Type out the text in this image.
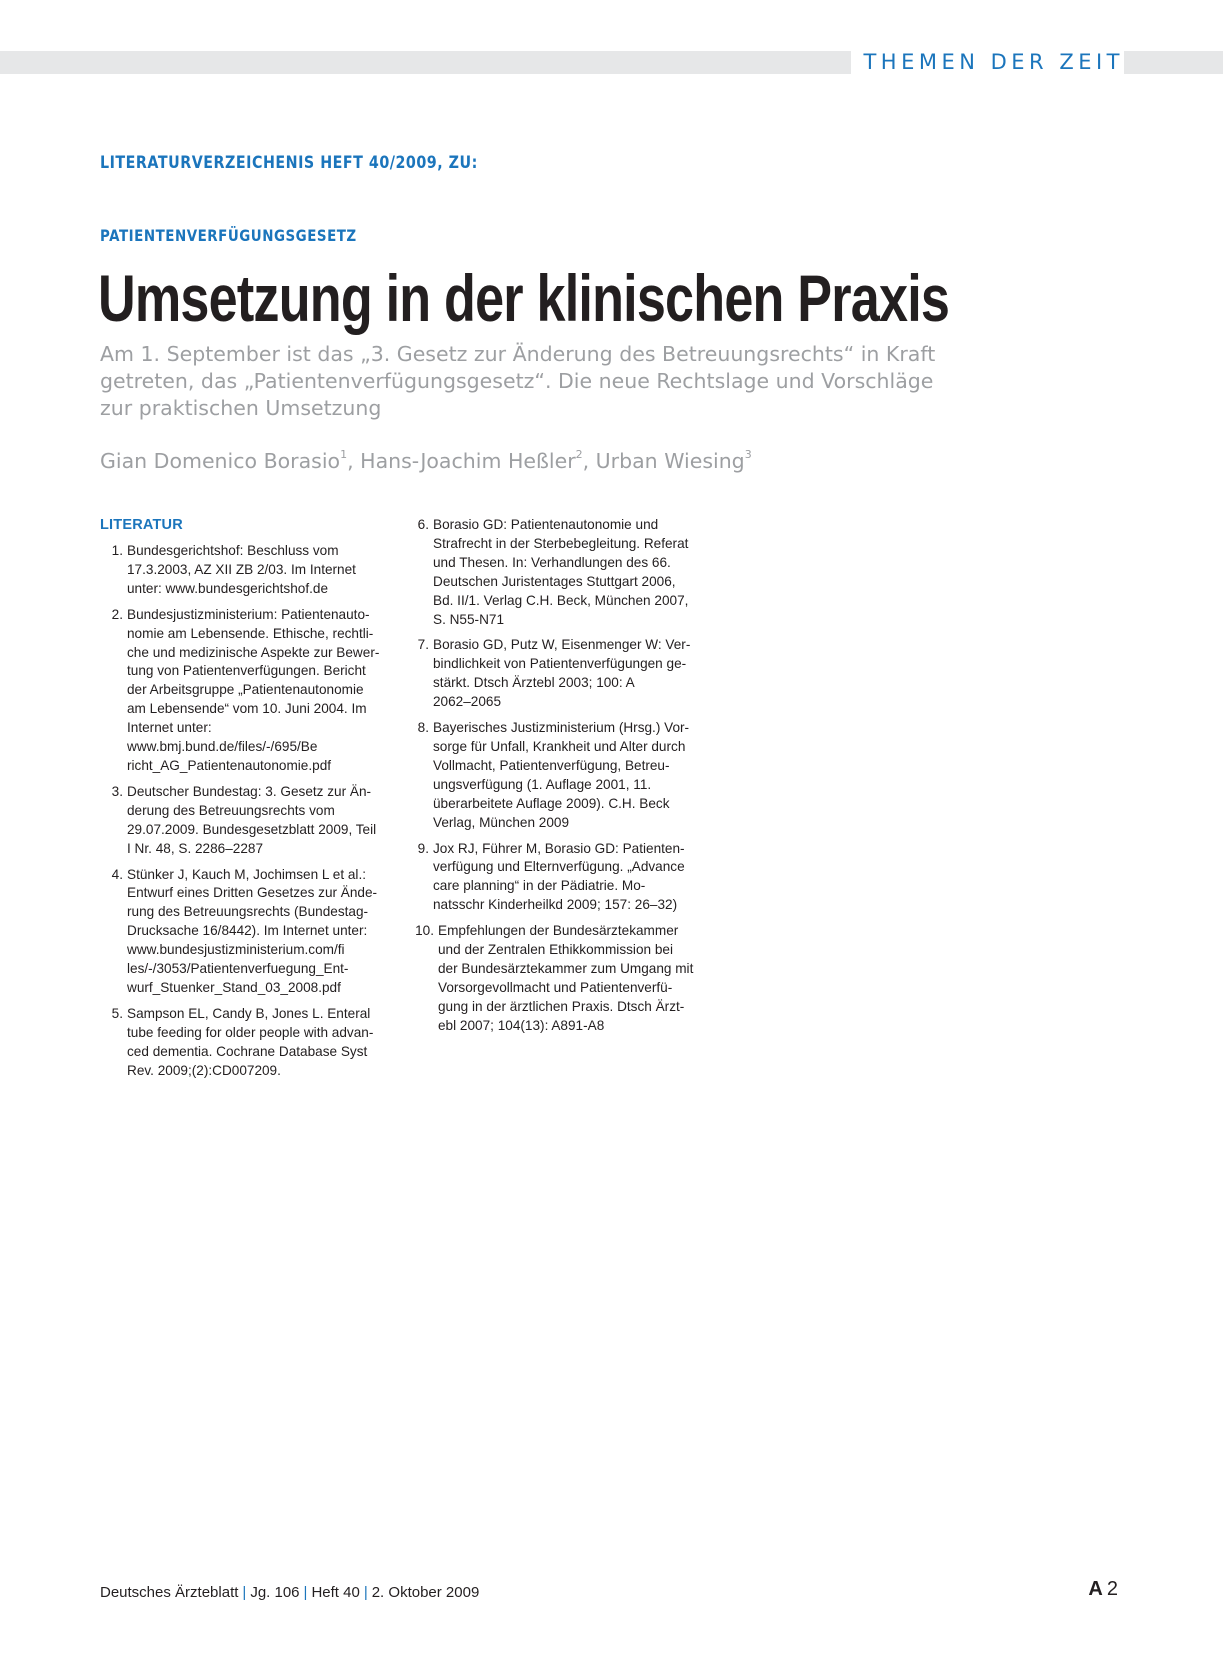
THEMEN DER ZEIT
LITERATURVERZEICHENIS HEFT 40/2009, ZU:
PATIENTENVERFÜGUNGSGESETZ
Umsetzung in der klinischen Praxis
Am 1. September ist das „3. Gesetz zur Änderung des Betreuungsrechts“ in Kraft
getreten, das „Patientenverfügungsgesetz“. Die neue Rechtslage und Vorschläge
zur praktischen Umsetzung
Gian Domenico Borasio$^1$, Hans-Joachim Heßler$^2$, Urban Wiesing$^3$
LITERATUR
1. Bundesgerichtshof: Beschluss vom
17.3.2003, AZ XII ZB 2/03. Im Internet
unter: www.bundesgerichtshof.de
2. Bundesjustizministerium: Patientenauto-
nomie am Lebensende. Ethische, rechtli-
che und medizinische Aspekte zur Bewer-
tung von Patientenverfügungen. Bericht
der Arbeitsgruppe „Patientenautonomie
am Lebensende“ vom 10. Juni 2004. Im
Internet unter:
www.bmj.bund.de/files/-/695/Be
richt_AG_Patientenautonomie.pdf
3. Deutscher Bundestag: 3. Gesetz zur Än-
derung des Betreuungsrechts vom
29.07.2009. Bundesgesetzblatt 2009, Teil
I Nr. 48, S. 2286–2287
4. Stünker J, Kauch M, Jochimsen L et al.:
Entwurf eines Dritten Gesetzes zur Ände-
rung des Betreuungsrechts (Bundestag-
Drucksache 16/8442). Im Internet unter:
www.bundesjustizministerium.com/fi
les/-/3053/Patientenverfuegung_Ent-
wurf_Stuenker_Stand_03_2008.pdf
5. Sampson EL, Candy B, Jones L. Enteral
tube feeding for older people with advan-
ced dementia. Cochrane Database Syst
Rev. 2009;(2):CD007209.
6. Borasio GD: Patientenautonomie und
Strafrecht in der Sterbebegleitung. Referat
und Thesen. In: Verhandlungen des 66.
Deutschen Juristentages Stuttgart 2006,
Bd. II/1. Verlag C.H. Beck, München 2007,
S. N55-N71
7. Borasio GD, Putz W, Eisenmenger W: Ver-
bindlichkeit von Patientenverfügungen ge-
stärkt. Dtsch Ärztebl 2003; 100: A
2062–2065
8. Bayerisches Justizministerium (Hrsg.) Vor-
sorge für Unfall, Krankheit und Alter durch
Vollmacht, Patientenverfügung, Betreu-
ungsverfügung (1. Auflage 2001, 11.
überarbeitete Auflage 2009). C.H. Beck
Verlag, München 2009
9. Jox RJ, Führer M, Borasio GD: Patienten-
verfügung und Elternverfügung. „Advance
care planning“ in der Pädiatrie. Mo-
natsschr Kinderheilkd 2009; 157: 26–32)
10. Empfehlungen der Bundesärztekammer
und der Zentralen Ethikkommission bei
der Bundesärztekammer zum Umgang mit
Vorsorgevollmacht und Patientenverfü-
gung in der ärztlichen Praxis. Dtsch Ärzt-
ebl 2007; 104(13): A891-A8
Deutsches Ärzteblatt | Jg. 106 | Heft 40 | 2. Oktober 2009	A  2
